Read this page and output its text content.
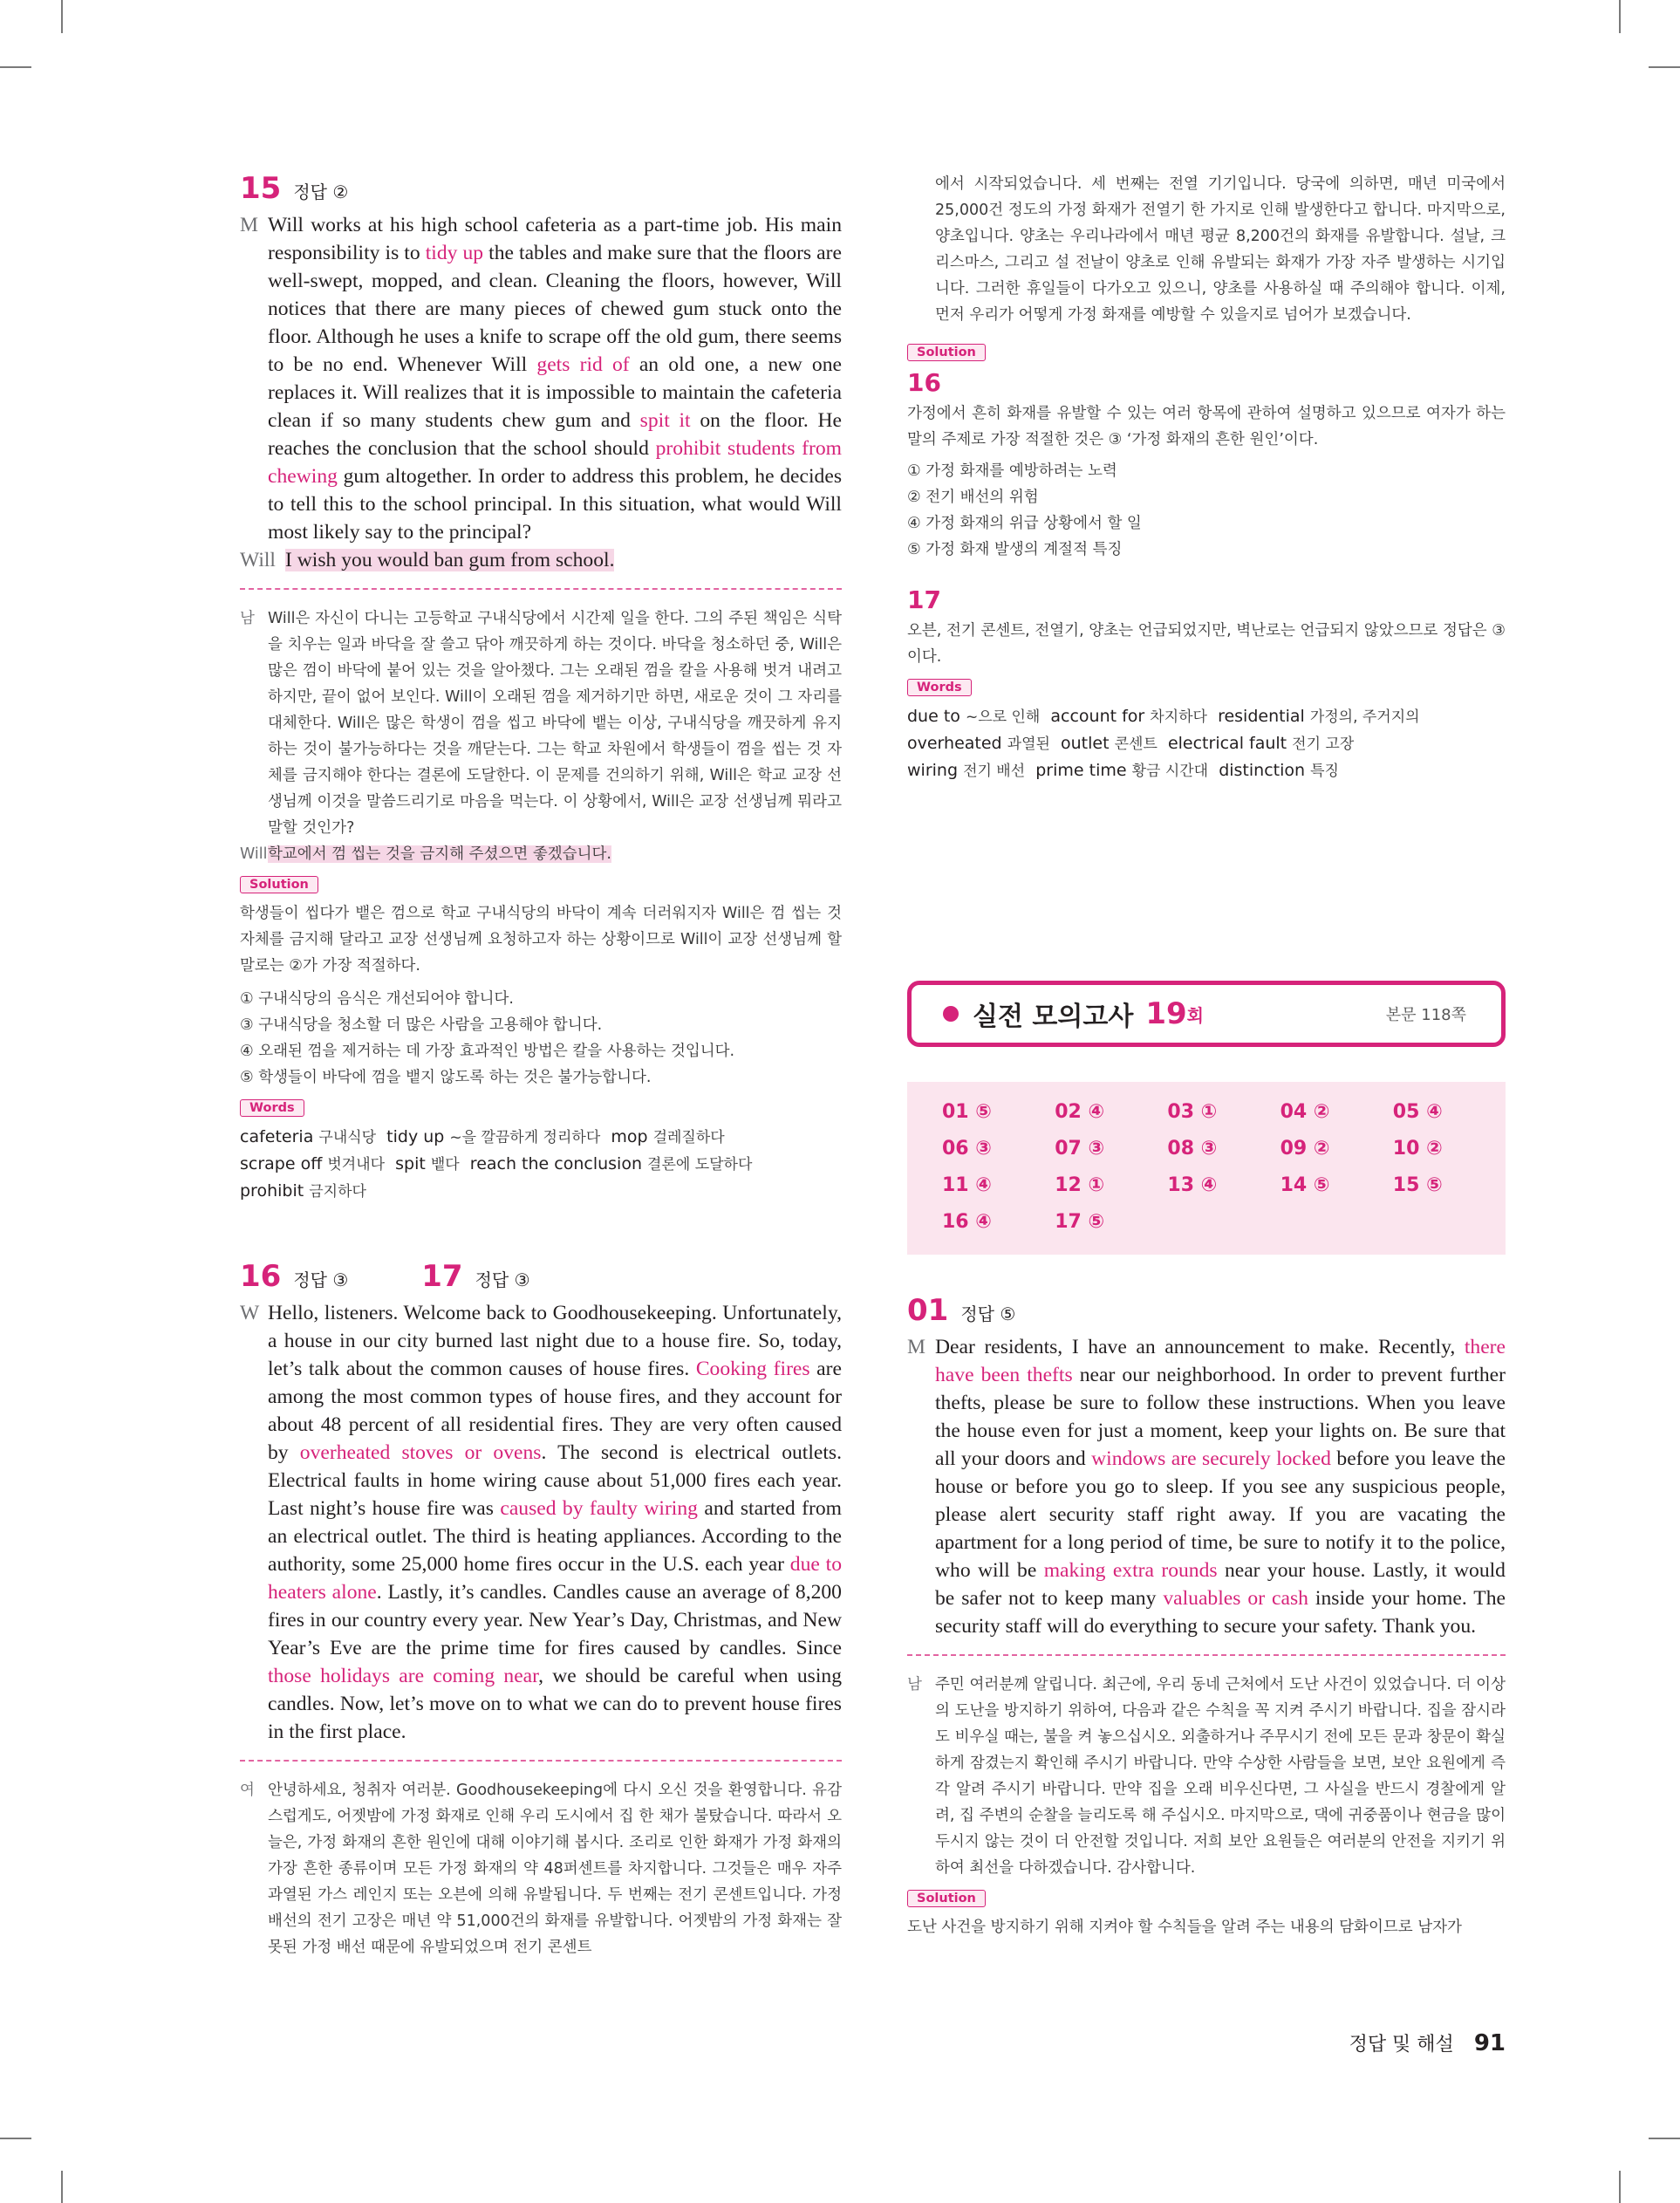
15 정답 ②
M Will works at his high school cafeteria as a part-time job. His main responsibility is to tidy up the tables and make sure that the floors are well-swept, mopped, and clean. Cleaning the floors, however, Will notices that there are many pieces of chewed gum stuck onto the floor. Although he uses a knife to scrape off the old gum, there seems to be no end. Whenever Will gets rid of an old one, a new one replaces it. Will realizes that it is impossible to maintain the cafeteria clean if so many students chew gum and spit it on the floor. He reaches the conclusion that the school should prohibit students from chewing gum altogether. In order to address this problem, he decides to tell this to the school principal. In this situation, what would Will most likely say to the principal?
Will I wish you would ban gum from school.
남 Will은 자신이 다니는 고등학교 구내식당에서 시간제 일을 한다. 그의 주된 책임은 식탁을 치우는 일과 바닥을 잘 쓸고 닦아 깨끗하게 하는 것이다. 바닥을 청소하던 중, Will은 많은 껌이 바닥에 붙어 있는 것을 알아챘다. 그는 오래된 껌을 칼을 사용해 벗겨 내려고 하지만, 끝이 없어 보인다. Will이 오래된 껌을 제거하기만 하면, 새로운 것이 그 자리를 대체한다. Will은 많은 학생이 껌을 씹고 바닥에 뱉는 이상, 구내식당을 깨끗하게 유지하는 것이 불가능하다는 것을 깨닫는다. 그는 학교 차원에서 학생들이 껌을 씹는 것 자체를 금지해야 한다는 결론에 도달한다. 이 문제를 건의하기 위해, Will은 학교 교장 선생님께 이것을 말씀드리기로 마음을 먹는다. 이 상황에서, Will은 교장 선생님께 뭐라고 말할 것인가?
Will 학교에서 껌 씹는 것을 금지해 주셨으면 좋겠습니다.
Solution
학생들이 씹다가 뱉은 껌으로 학교 구내식당의 바닥이 계속 더러워지자 Will은 껌 씹는 것 자체를 금지해 달라고 교장 선생님께 요청하고자 하는 상황이므로 Will이 교장 선생님께 할 말로는 ②가 가장 적절하다.
① 구내식당의 음식은 개선되어야 합니다.
③ 구내식당을 청소할 더 많은 사람을 고용해야 합니다.
④ 오래된 껌을 제거하는 데 가장 효과적인 방법은 칼을 사용하는 것입니다.
⑤ 학생들이 바닥에 껌을 뱉지 않도록 하는 것은 불가능합니다.
Words
cafeteria 구내식당  tidy up ~을 깔끔하게 정리하다  mop 걸레질하다
scrape off 벗겨내다  spit 뱉다  reach the conclusion 결론에 도달하다
prohibit 금지하다
16 정답 ③ 17 정답 ③
W Hello, listeners. Welcome back to Goodhousekeeping. Unfortunately, a house in our city burned last night due to a house fire. So, today, let’s talk about the common causes of house fires. Cooking fires are among the most common types of house fires, and they account for about 48 percent of all residential fires. They are very often caused by overheated stoves or ovens. The second is electrical outlets. Electrical faults in home wiring cause about 51,000 fires each year. Last night’s house fire was caused by faulty wiring and started from an electrical outlet. The third is heating appliances. According to the authority, some 25,000 home fires occur in the U.S. each year due to heaters alone. Lastly, it’s candles. Candles cause an average of 8,200 fires in our country every year. New Year’s Day, Christmas, and New Year’s Eve are the prime time for fires caused by candles. Since those holidays are coming near, we should be careful when using candles. Now, let’s move on to what we can do to prevent house fires in the first place.
여 안녕하세요, 청취자 여러분. Goodhousekeeping에 다시 오신 것을 환영합니다. 유감스럽게도, 어젯밤에 가정 화재로 인해 우리 도시에서 집 한 채가 불탔습니다. 따라서 오늘은, 가정 화재의 흔한 원인에 대해 이야기해 봅시다. 조리로 인한 화재가 가정 화재의 가장 흔한 종류이며 모든 가정 화재의 약 48퍼센트를 차지합니다. 그것들은 매우 자주 과열된 가스 레인지 또는 오븐에 의해 유발됩니다. 두 번째는 전기 콘센트입니다. 가정 배선의 전기 고장은 매년 약 51,000건의 화재를 유발합니다. 어젯밤의 가정 화재는 잘못된 가정 배선 때문에 유발되었으며 전기 콘센트
에서 시작되었습니다. 세 번째는 전열 기기입니다. 당국에 의하면, 매년 미국에서 25,000건 정도의 가정 화재가 전열기 한 가지로 인해 발생한다고 합니다. 마지막으로, 양초입니다. 양초는 우리나라에서 매년 평균 8,200건의 화재를 유발합니다. 설날, 크리스마스, 그리고 설 전날이 양초로 인해 유발되는 화재가 가장 자주 발생하는 시기입니다. 그러한 휴일들이 다가오고 있으니, 양초를 사용하실 때 주의해야 합니다. 이제, 먼저 우리가 어떻게 가정 화재를 예방할 수 있을지로 넘어가 보겠습니다.
Solution
16
가정에서 흔히 화재를 유발할 수 있는 여러 항목에 관하여 설명하고 있으므로 여자가 하는 말의 주제로 가장 적절한 것은 ③ ‘가정 화재의 흔한 원인’이다.
① 가정 화재를 예방하려는 노력
② 전기 배선의 위험
④ 가정 화재의 위급 상황에서 할 일
⑤ 가정 화재 발생의 계절적 특징
17
오븐, 전기 콘센트, 전열기, 양초는 언급되었지만, 벽난로는 언급되지 않았으므로 정답은 ③이다.
Words
due to ~으로 인해  account for 차지하다  residential 가정의, 주거지의
overheated 과열된  outlet 콘센트  electrical fault 전기 고장
wiring 전기 배선  prime time 황금 시간대  distinction 특징
실전 모의고사 19 회	본문 118쪽
01 ⑤	02 ④	03 ①	04 ②	05 ④
06 ③	07 ③	08 ③	09 ②	10 ②
11 ④	12 ①	13 ④	14 ⑤	15 ⑤
16 ④	17 ⑤
01 정답 ⑤
M Dear residents, I have an announcement to make. Recently, there have been thefts near our neighborhood. In order to prevent further thefts, please be sure to follow these instructions. When you leave the house even for just a moment, keep your lights on. Be sure that all your doors and windows are securely locked before you leave the house or before you go to sleep. If you see any suspicious people, please alert security staff right away. If you are vacating the apartment for a long period of time, be sure to notify it to the police, who will be making extra rounds near your house. Lastly, it would be safer not to keep many valuables or cash inside your home. The security staff will do everything to secure your safety. Thank you.
남 주민 여러분께 알립니다. 최근에, 우리 동네 근처에서 도난 사건이 있었습니다. 더 이상의 도난을 방지하기 위하여, 다음과 같은 수칙을 꼭 지켜 주시기 바랍니다. 집을 잠시라도 비우실 때는, 불을 켜 놓으십시오. 외출하거나 주무시기 전에 모든 문과 창문이 확실하게 잠겼는지 확인해 주시기 바랍니다. 만약 수상한 사람들을 보면, 보안 요원에게 즉각 알려 주시기 바랍니다. 만약 집을 오래 비우신다면, 그 사실을 반드시 경찰에게 알려, 집 주변의 순찰을 늘리도록 해 주십시오. 마지막으로, 댁에 귀중품이나 현금을 많이 두시지 않는 것이 더 안전할 것입니다. 저희 보안 요원들은 여러분의 안전을 지키기 위하여 최선을 다하겠습니다. 감사합니다.
Solution
도난 사건을 방지하기 위해 지켜야 할 수칙들을 알려 주는 내용의 담화이므로 남자가
정답 및 해설 91
